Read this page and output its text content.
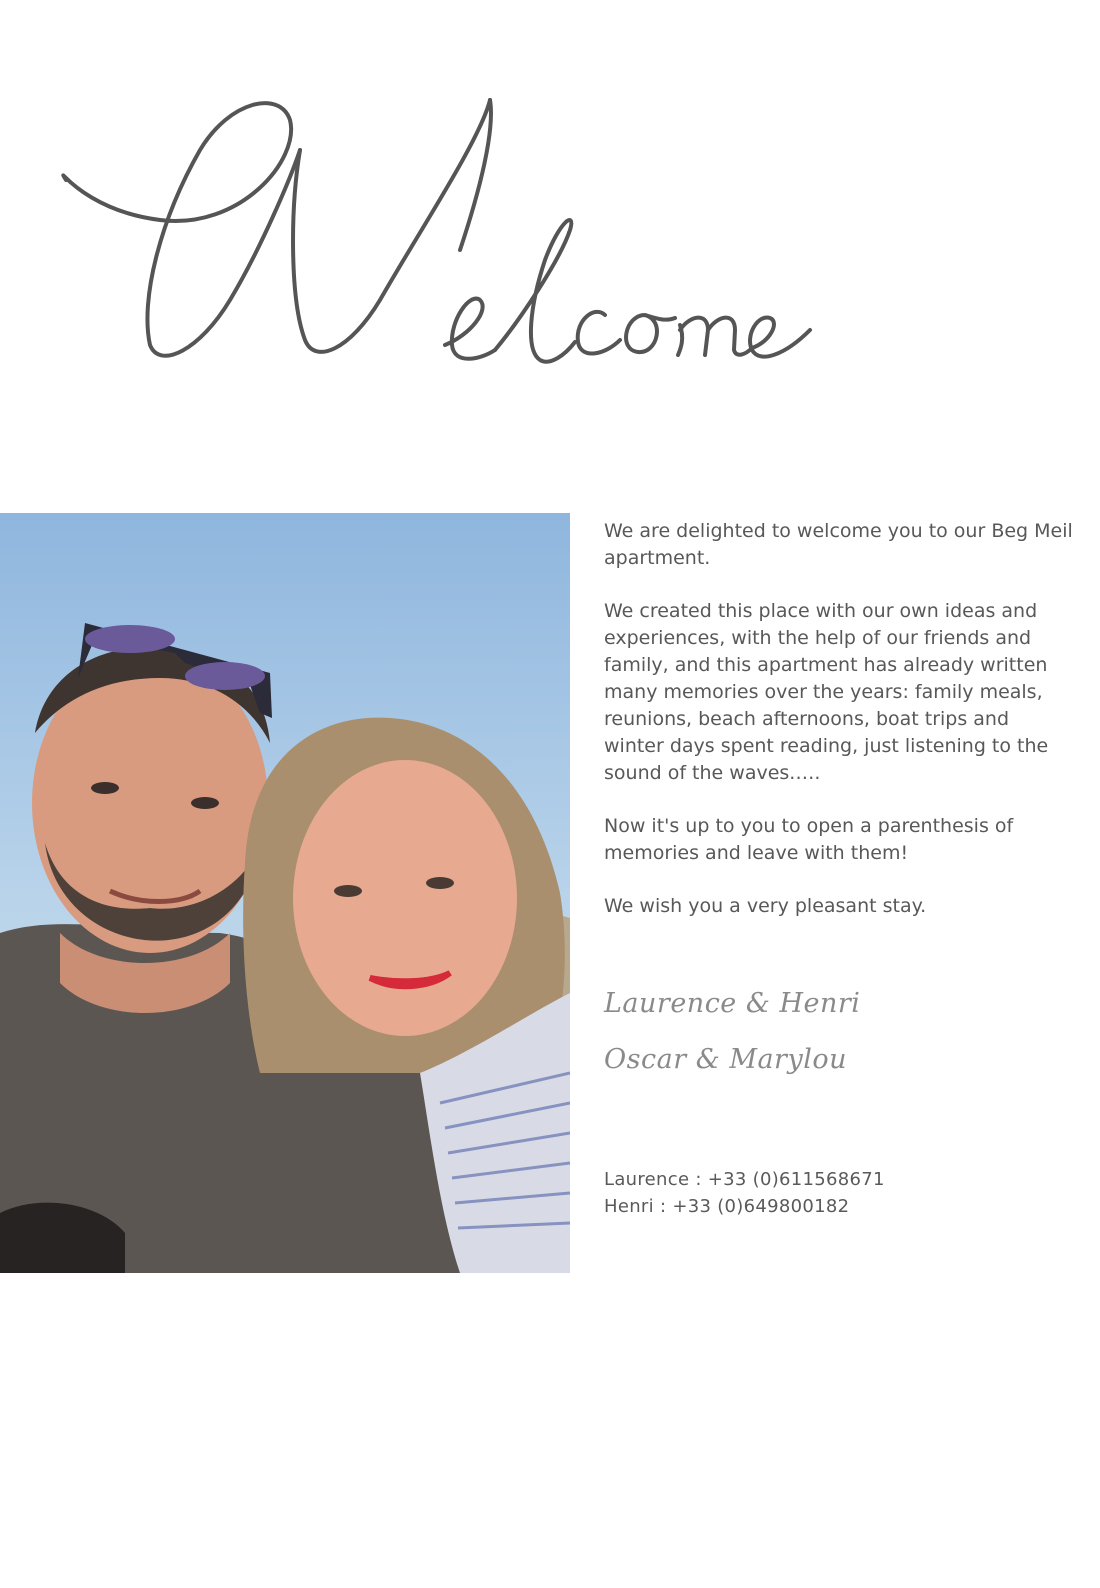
We are delighted to welcome you to our Beg Meil apartment.

We created this place with our own ideas and experiences, with the help of our friends and family, and this apartment has already written many memories over the years: family meals, reunions, beach afternoons, boat trips and winter days spent reading, just listening to the sound of the waves.….

Now it's up to you to open a parenthesis of memories and leave with them!

We wish you a very pleasant stay.

Laurence & Henri
Oscar & Marylou
Laurence : +33 (0)611568671
Henri : +33 (0)649800182
